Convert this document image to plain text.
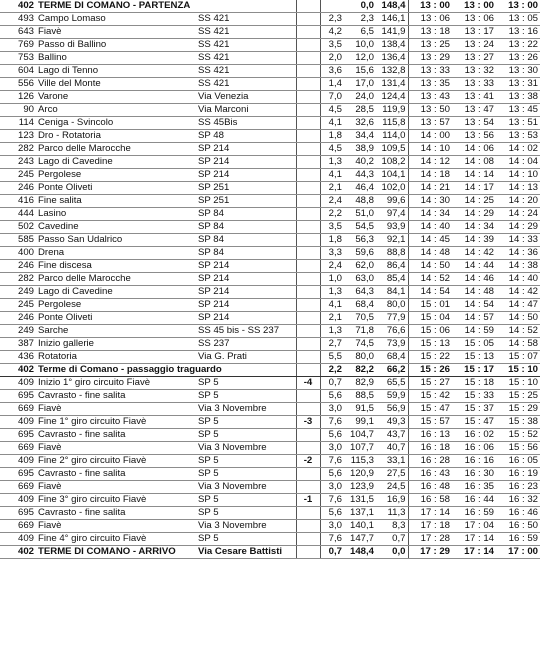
402	TERME DI COMANO - PARTENZA				0,0	148,4	13 : 00	13 : 00	13 : 00
493	Campo Lomaso	SS 421		2,3	2,3	146,1	13 : 06	13 : 06	13 : 05
643	Fiavè	SS 421		4,2	6,5	141,9	13 : 18	13 : 17	13 : 16
769	Passo di Ballino	SS 421		3,5	10,0	138,4	13 : 25	13 : 24	13 : 22
753	Ballino	SS 421		2,0	12,0	136,4	13 : 29	13 : 27	13 : 26
604	Lago di Tenno	SS 421		3,6	15,6	132,8	13 : 33	13 : 32	13 : 30
556	Ville del Monte	SS 421		1,4	17,0	131,4	13 : 35	13 : 33	13 : 31
126	Varone	Via Venezia		7,0	24,0	124,4	13 : 43	13 : 41	13 : 38
90	Arco	Via Marconi		4,5	28,5	119,9	13 : 50	13 : 47	13 : 45
114	Ceniga - Svincolo	SS 45Bis		4,1	32,6	115,8	13 : 57	13 : 54	13 : 51
123	Dro - Rotatoria	SP 48		1,8	34,4	114,0	14 : 00	13 : 56	13 : 53
282	Parco delle Marocche	SP 214		4,5	38,9	109,5	14 : 10	14 : 06	14 : 02
243	Lago di Cavedine	SP 214		1,3	40,2	108,2	14 : 12	14 : 08	14 : 04
245	Pergolese	SP 214		4,1	44,3	104,1	14 : 18	14 : 14	14 : 10
246	Ponte Oliveti	SP 251		2,1	46,4	102,0	14 : 21	14 : 17	14 : 13
416	Fine salita	SP 251		2,4	48,8	99,6	14 : 30	14 : 25	14 : 20
444	Lasino	SP 84		2,2	51,0	97,4	14 : 34	14 : 29	14 : 24
502	Cavedine	SP 84		3,5	54,5	93,9	14 : 40	14 : 34	14 : 29
585	Passo San Udalrico	SP 84		1,8	56,3	92,1	14 : 45	14 : 39	14 : 33
400	Drena	SP 84		3,3	59,6	88,8	14 : 48	14 : 42	14 : 36
246	Fine discesa	SP 214		2,4	62,0	86,4	14 : 50	14 : 44	14 : 38
282	Parco delle Marocche	SP 214		1,0	63,0	85,4	14 : 52	14 : 46	14 : 40
249	Lago di Cavedine	SP 214		1,3	64,3	84,1	14 : 54	14 : 48	14 : 42
245	Pergolese	SP 214		4,1	68,4	80,0	15 : 01	14 : 54	14 : 47
246	Ponte Oliveti	SP 214		2,1	70,5	77,9	15 : 04	14 : 57	14 : 50
249	Sarche	SS 45 bis - SS 237		1,3	71,8	76,6	15 : 06	14 : 59	14 : 52
387	Inizio gallerie	SS 237		2,7	74,5	73,9	15 : 13	15 : 05	14 : 58
436	Rotatoria	Via G. Prati		5,5	80,0	68,4	15 : 22	15 : 13	15 : 07
402	Terme di Comano - passaggio traguardo			2,2	82,2	66,2	15 : 26	15 : 17	15 : 10
409	Inizio 1° giro circuito Fiavè	SP 5	-4	0,7	82,9	65,5	15 : 27	15 : 18	15 : 10
695	Cavrasto - fine salita	SP 5		5,6	88,5	59,9	15 : 42	15 : 33	15 : 25
669	Fiavè	Via 3 Novembre		3,0	91,5	56,9	15 : 47	15 : 37	15 : 29
409	Fine 1° giro circuito Fiavè	SP 5	-3	7,6	99,1	49,3	15 : 57	15 : 47	15 : 38
695	Cavrasto - fine salita	SP 5		5,6	104,7	43,7	16 : 13	16 : 02	15 : 52
669	Fiavè	Via 3 Novembre		3,0	107,7	40,7	16 : 18	16 : 06	15 : 56
409	Fine 2° giro circuito Fiavè	SP 5	-2	7,6	115,3	33,1	16 : 28	16 : 16	16 : 05
695	Cavrasto - fine salita	SP 5		5,6	120,9	27,5	16 : 43	16 : 30	16 : 19
669	Fiavè	Via 3 Novembre		3,0	123,9	24,5	16 : 48	16 : 35	16 : 23
409	Fine 3° giro circuito Fiavè	SP 5	-1	7,6	131,5	16,9	16 : 58	16 : 44	16 : 32
695	Cavrasto - fine salita	SP 5		5,6	137,1	11,3	17 : 14	16 : 59	16 : 46
669	Fiavè	Via 3 Novembre		3,0	140,1	8,3	17 : 18	17 : 04	16 : 50
409	Fine 4° giro circuito Fiavè	SP 5		7,6	147,7	0,7	17 : 28	17 : 14	16 : 59
402	TERME DI COMANO - ARRIVO	Via Cesare Battisti		0,7	148,4	0,0	17 : 29	17 : 14	17 : 00
